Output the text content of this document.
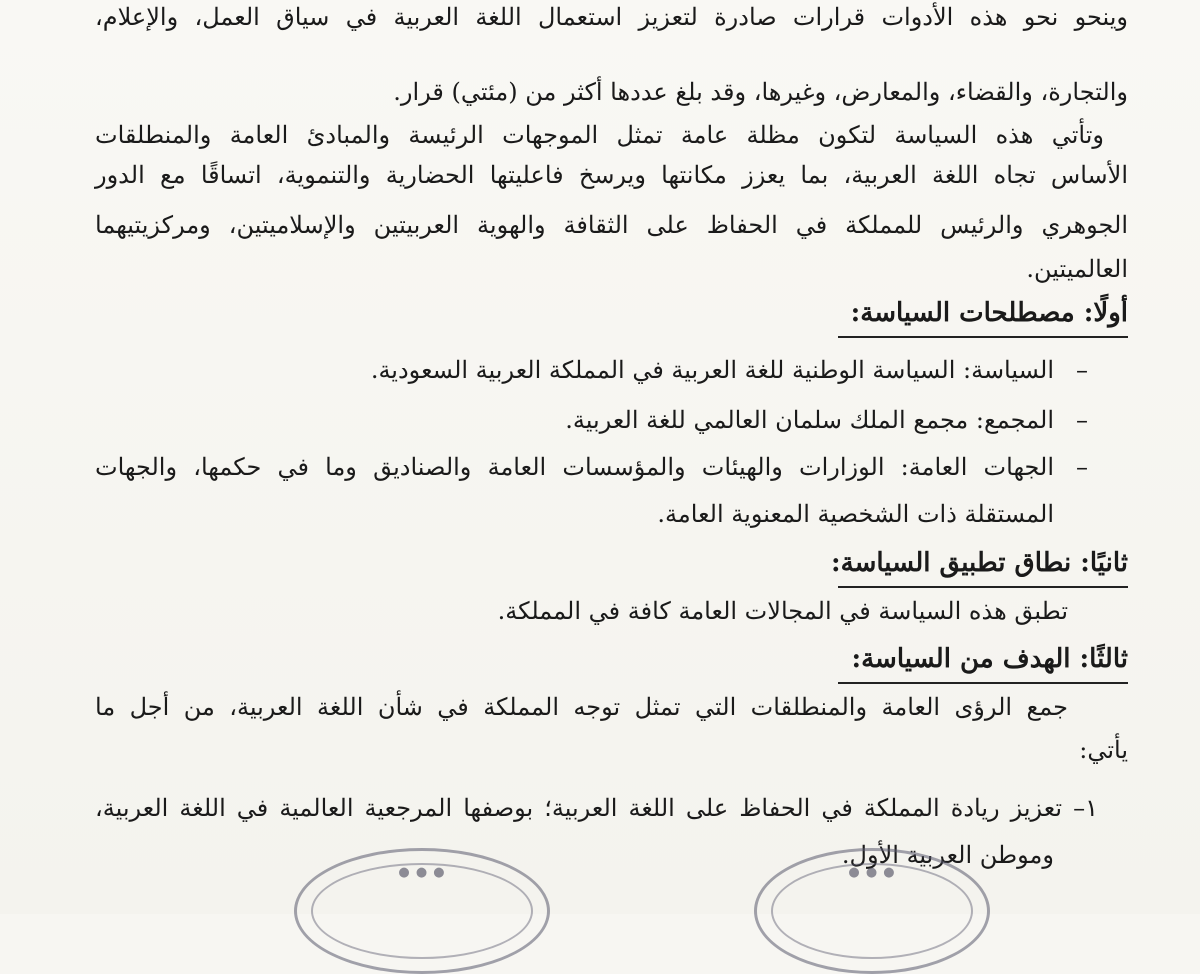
وينحو نحو هذه الأدوات قرارات صادرة لتعزيز استعمال اللغة العربية في سياق العمل، والإعلام،
والتجارة، والقضاء، والمعارض، وغيرها، وقد بلغ عددها أكثر من (مئتي) قرار.
وتأتي هذه السياسة لتكون مظلة عامة تمثل الموجهات الرئيسة والمبادئ العامة والمنطلقات
الأساس تجاه اللغة العربية، بما يعزز مكانتها ويرسخ فاعليتها الحضارية والتنموية، اتساقًا مع الدور
الجوهري والرئيس للمملكة في الحفاظ على الثقافة والهوية العربيتين والإسلاميتين، ومركزيتيهما
العالميتين.
أولًا: مصطلحات السياسة:
–السياسة: السياسة الوطنية للغة العربية في المملكة العربية السعودية.
–المجمع: مجمع الملك سلمان العالمي للغة العربية.
–الجهات العامة: الوزارات والهيئات والمؤسسات العامة والصناديق وما في حكمها، والجهات
المستقلة ذات الشخصية المعنوية العامة.
ثانيًا: نطاق تطبيق السياسة:
تطبق هذه السياسة في المجالات العامة كافة في المملكة.
ثالثًا: الهدف من السياسة:
جمع الرؤى العامة والمنطلقات التي تمثل توجه المملكة في شأن اللغة العربية، من أجل ما
يأتي:
١– تعزيز ريادة المملكة في الحفاظ على اللغة العربية؛ بوصفها المرجعية العالمية في اللغة العربية،
وموطن العربية الأول.
● ● ●
● ● ●
